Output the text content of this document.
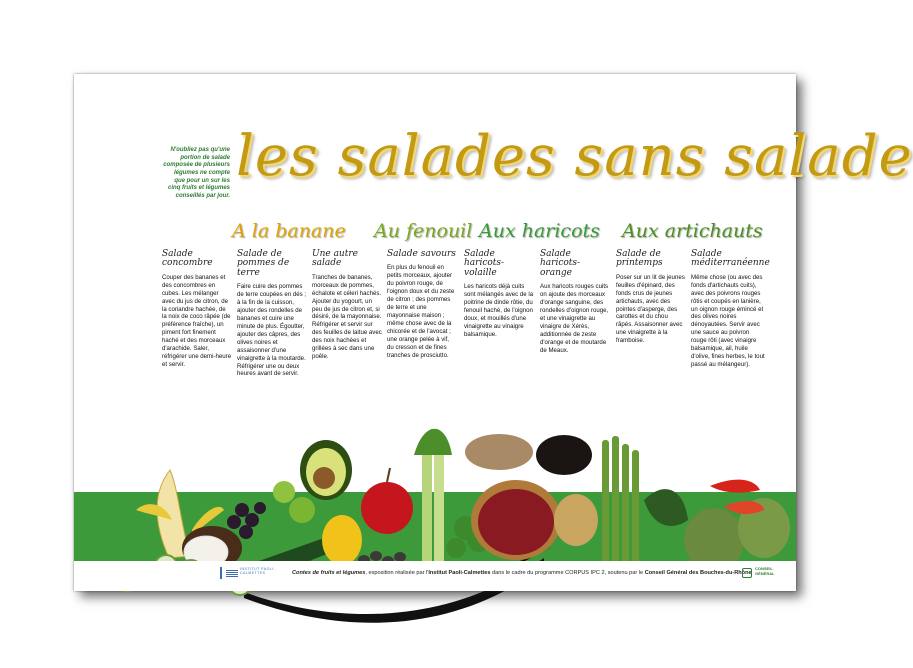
N'oubliez pas qu'une portion de salade composée de plusieurs légumes ne compte que pour un sur les cinq fruits et légumes conseillés par jour.
les salades sans salade
A la banane Au fenouil Aux haricots Aux artichauts
Salade concombre

Couper des bananes et des concombres en cubes. Les mélanger avec du jus de citron, de la coriandre hachée, de la noix de coco râpée (de préférence fraîche), un piment fort finement haché et des morceaux d'arachide. Saler, réfrigérer une demi-heure et servir.

Salade de pommes de terre

Faire cuire des pommes de terre coupées en dés ; à la fin de la cuisson, ajouter des rondelles de bananes et cuire une minute de plus. Égoutter, ajouter des câpres, des olives noires et assaisonner d'une vinaigrette à la moutarde. Réfrigérer une ou deux heures avant de servir.

Une autre salade

Tranches de bananes, morceaux de pommes, échalote et céleri hachés. Ajouter du yogourt, un peu de jus de citron et, si désiré, de la mayonnaise. Réfrigérer et servir sur des feuilles de laitue avec des noix hachées et grillées à sec dans une poêle.

Salade savours

En plus du fenouil en petits morceaux, ajouter du poivron rouge, de l'oignon doux et du zeste de citron ; des pommes de terre et une mayonnaise maison ; même chose avec de la chicorée et de l'avocat ; une orange pelée à vif, du cresson et de fines tranches de prosciutto.

Salade haricots-volaille

Les haricots déjà cuits sont mélangés avec de la poitrine de dinde rôtie, du fenouil haché, de l'oignon doux, et mouillés d'une vinaigrette au vinaigre balsamique.

Salade haricots-orange

Aux haricots rouges cuits on ajoute des morceaux d'orange sanguine, des rondelles d'oignon rouge, et une vinaigrette au vinaigre de Xérès, additionnée de zeste d'orange et de moutarde de Meaux.

Salade de printemps

Poser sur un lit de jeunes feuilles d'épinard, des fonds crus de jeunes artichauts, avec des pointes d'asperge, des carottes et du chou râpés. Assaisonner avec une vinaigrette à la framboise.

Salade méditerranéenne

Même chose (ou avec des fonds d'artichauts cuits), avec des poivrons rouges rôtis et coupés en lanière, un oignon rouge émincé et des olives noires dénoyautées. Servir avec une sauce au poivron rouge rôti (avec vinaigre balsamique, ail, huile d'olive, fines herbes, le tout passé au mélangeur).

INSTITUT PAOLI-CALMETTES	Contes de fruits et légumes, exposition réalisée par l'Institut Paoli-Calmettes dans le cadre du programme CORPUS IPC 2, soutenu par le Conseil Général des Bouches-du-Rhône
CONSEIL GÉNÉRAL
